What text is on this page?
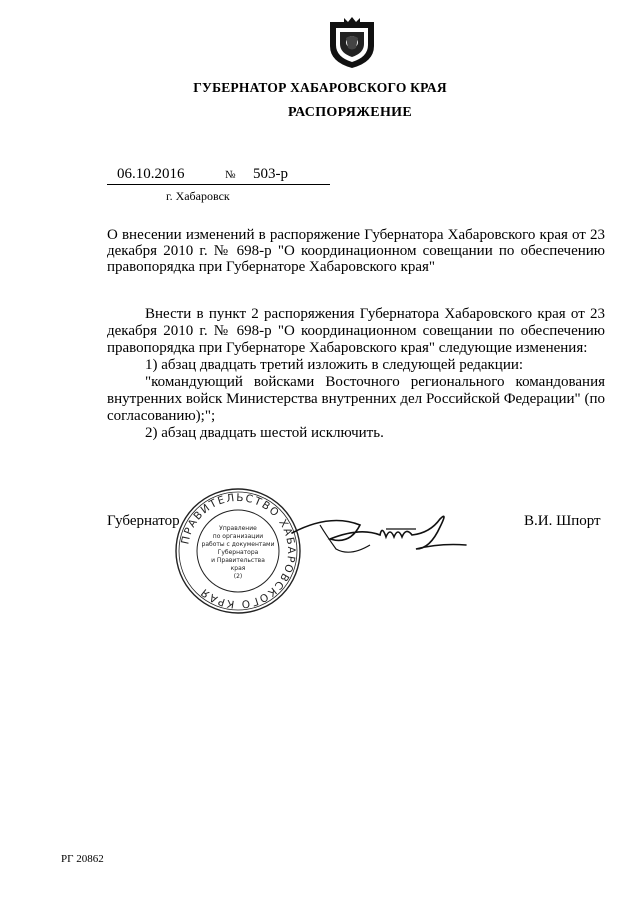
ГУБЕРНАТОР ХАБАРОВСКОГО КРАЯ
РАСПОРЯЖЕНИЕ
06.10.2016	№ 503-р
г. Хабаровск
О внесении изменений в распоряжение Губернатора Хабаровского края от 23 декабря 2010 г. № 698-р "О координационном совещании по обеспечению правопорядка при Губернаторе Хабаровского края"

Внести в пункт 2 распоряжения Губернатора Хабаровского края от 23 декабря 2010 г. № 698-р "О координационном совещании по обеспечению правопорядка при Губернаторе Хабаровского края" следующие изменения:

1) абзац двадцать третий изложить в следующей редакции:

"командующий войсками Восточного регионального командования внутренних войск Министерства внутренних дел Российской Федерации" (по согласованию);";

2) абзац двадцать шестой исключить.

Губернатор	В.И. Шпорт
ПРАВИТЕЛЬСТВО ХАБАРОВСКОГО КРАЯ
Управление
по организации
работы с документами
Губернатора
и Правительства
края
(2)
РГ 20862
